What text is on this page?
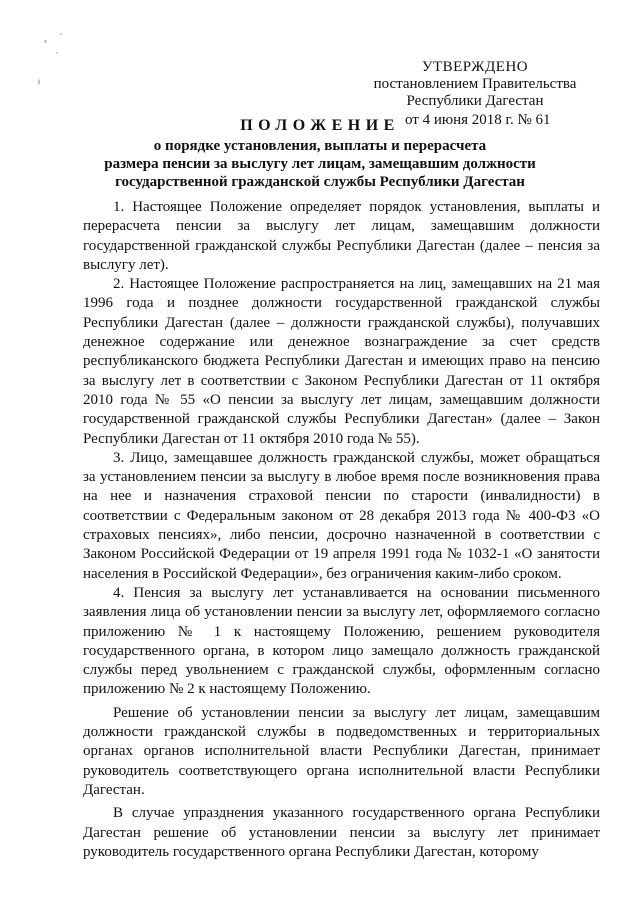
УТВЕРЖДЕНО
постановлением Правительства
Республики Дагестан
ПОЛОЖЕНИЕ от 4 июня 2018 г. № 61
о порядке установления, выплаты и перерасчета
размера пенсии за выслугу лет лицам, замещавшим должности
государственной гражданской службы Республики Дагестан

1. Настоящее Положение определяет порядок установления, выплаты и перерасчета пенсии за выслугу лет лицам, замещавшим должности государственной гражданской службы Республики Дагестан (далее – пенсия за выслугу лет).

2. Настоящее Положение распространяется на лиц, замещавших на 21 мая 1996 года и позднее должности государственной гражданской службы Республики Дагестан (далее – должности гражданской службы), получавших денежное содержание или денежное вознаграждение за счет средств республиканского бюджета Республики Дагестан и имеющих право на пенсию за выслугу лет в соответствии с Законом Республики Дагестан от 11 октября 2010 года № 55 «О пенсии за выслугу лет лицам, замещавшим должности государственной гражданской службы Республики Дагестан» (далее – Закон Республики Дагестан от 11 октября 2010 года № 55).

3. Лицо, замещавшее должность гражданской службы, может обращаться за установлением пенсии за выслугу в любое время после возникновения права на нее и назначения страховой пенсии по старости (инвалидности) в соответствии с Федеральным законом от 28 декабря 2013 года № 400-ФЗ «О страховых пенсиях», либо пенсии, досрочно назначенной в соответствии с Законом Российской Федерации от 19 апреля 1991 года № 1032-1 «О занятости населения в Российской Федерации», без ограничения каким-либо сроком.

4. Пенсия за выслугу лет устанавливается на основании письменного заявления лица об установлении пенсии за выслугу лет, оформляемого согласно приложению № 1 к настоящему Положению, решением руководителя государственного органа, в котором лицо замещало должность гражданской службы перед увольнением с гражданской службы, оформленным согласно приложению № 2 к настоящему Положению.

Решение об установлении пенсии за выслугу лет лицам, замещавшим должности гражданской службы в подведомственных и территориальных органах органов исполнительной власти Республики Дагестан, принимает руководитель соответствующего органа исполнительной власти Республики Дагестан.

В случае упразднения указанного государственного органа Республики Дагестан решение об установлении пенсии за выслугу лет принимает руководитель государственного органа Республики Дагестан, которому
